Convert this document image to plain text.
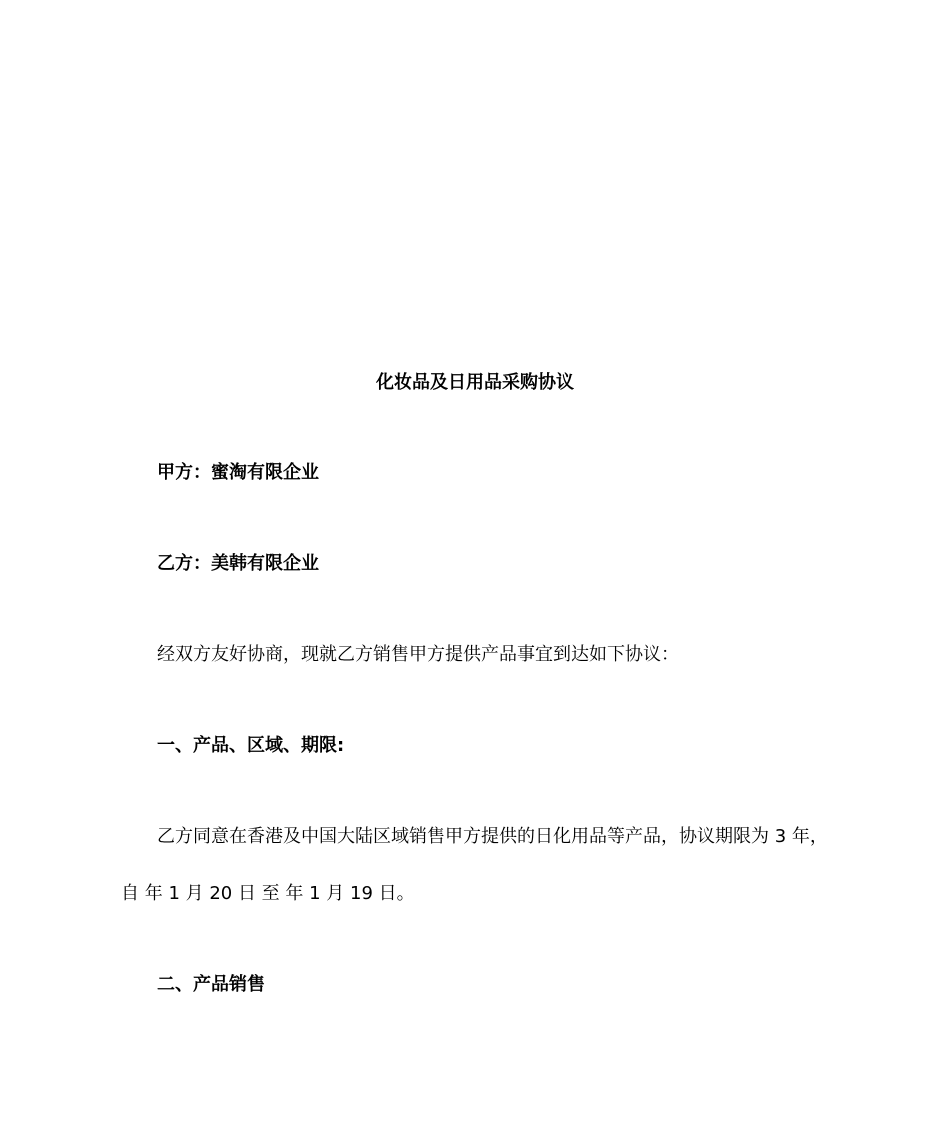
化妆品及日用品采购协议
甲方：蜜淘有限企业
乙方：美韩有限企业
经双方友好协商，现就乙方销售甲方提供产品事宜到达如下协议：
一、产品、区域、期限:
乙方同意在香港及中国大陆区域销售甲方提供的日化用品等产品，协议期限为 3 年，
自 年 1 月 20 日 至 年 1 月 19 日。
二、产品销售
